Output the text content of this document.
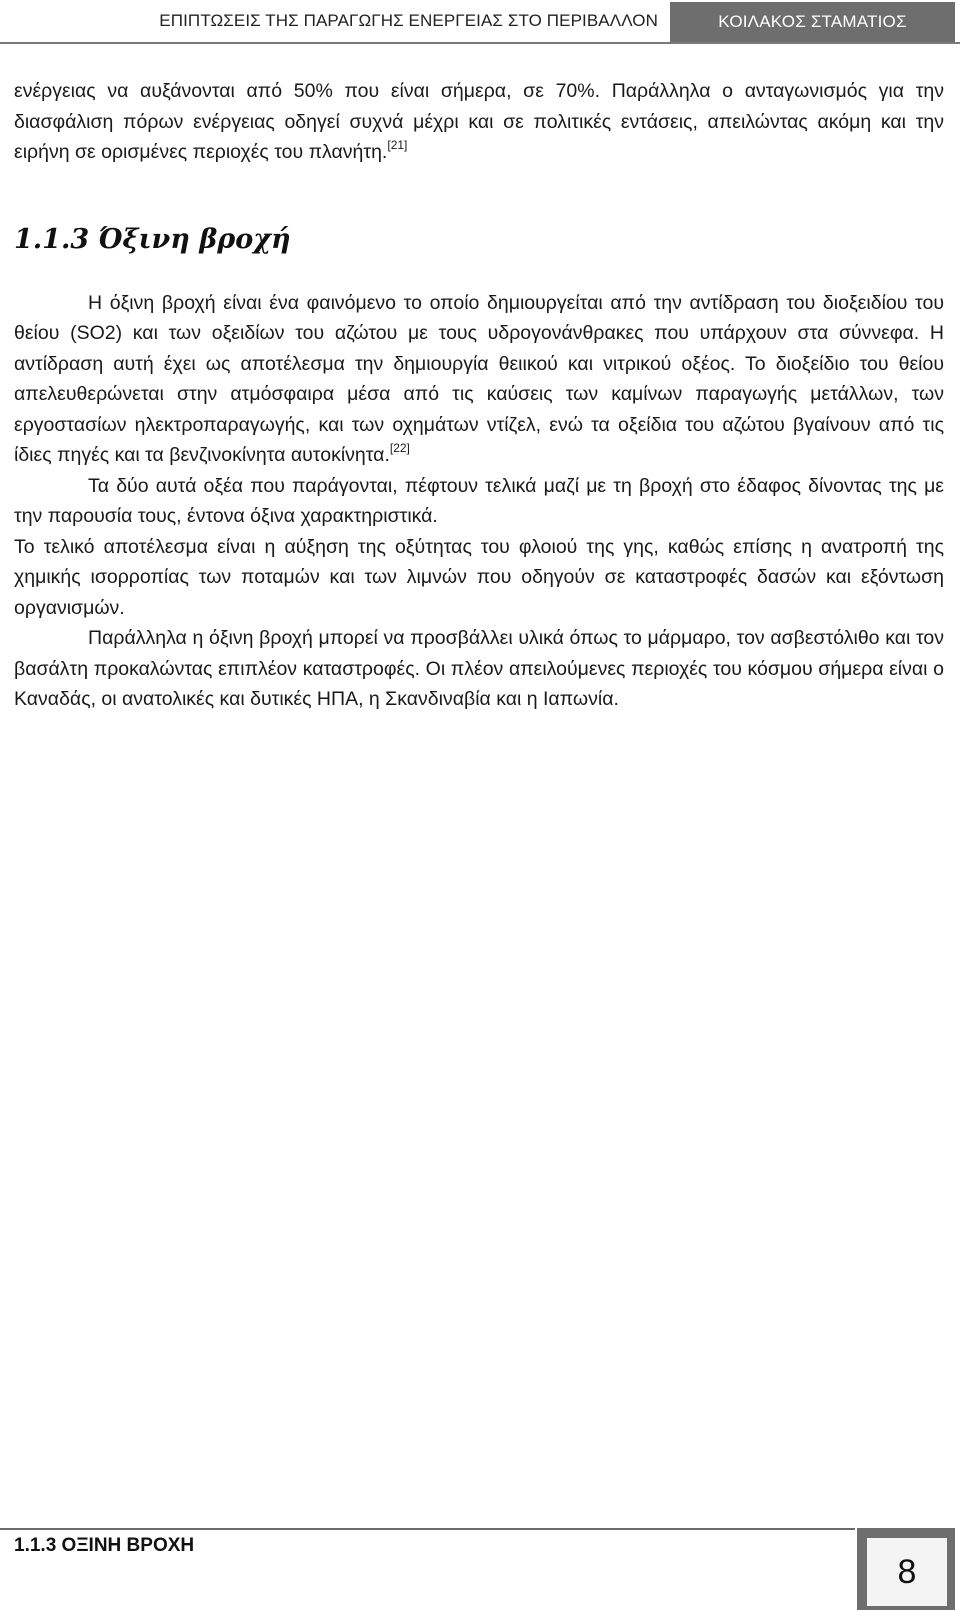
ΕΠΙΠΤΩΣΕΙΣ ΤΗΣ ΠΑΡΑΓΩΓΗΣ ΕΝΕΡΓΕΙΑΣ ΣΤΟ ΠΕΡΙΒΑΛΛΟΝ	ΚΟΙΛΑΚΟΣ ΣΤΑΜΑΤΙΟΣ

ενέργειας να αυξάνονται από 50% που είναι σήμερα, σε 70%. Παράλληλα ο ανταγωνισμός για την διασφάλιση πόρων ενέργειας οδηγεί συχνά μέχρι και σε πολιτικές εντάσεις, απειλώντας ακόμη και την ειρήνη σε ορισμένες περιοχές του πλανήτη.[21]

1.1.3 Όξινη βροχή

Η όξινη βροχή είναι ένα φαινόμενο το οποίο δημιουργείται από την αντίδραση του διοξειδίου του θείου (SO2) και των οξειδίων του αζώτου με τους υδρογονάνθρακες που υπάρχουν στα σύννεφα. Η αντίδραση αυτή έχει ως αποτέλεσμα την δημιουργία θειικού και νιτρικού οξέος. Το διοξείδιο του θείου απελευθερώνεται στην ατμόσφαιρα μέσα από τις καύσεις των καμίνων παραγωγής μετάλλων, των εργοστασίων ηλεκτροπαραγωγής, και των οχημάτων ντίζελ, ενώ τα οξείδια του αζώτου βγαίνουν από τις ίδιες πηγές και τα βενζινοκίνητα αυτοκίνητα.[22]

Τα δύο αυτά οξέα που παράγονται, πέφτουν τελικά μαζί με τη βροχή στο έδαφος δίνοντας της με την παρουσία τους, έντονα όξινα χαρακτηριστικά.

Το τελικό αποτέλεσμα είναι η αύξηση της οξύτητας του φλοιού της γης, καθώς επίσης η ανατροπή της χημικής ισορροπίας των ποταμών και των λιμνών που οδηγούν σε καταστροφές δασών και εξόντωση οργανισμών.

Παράλληλα η όξινη βροχή μπορεί να προσβάλλει υλικά όπως το μάρμαρο, τον ασβεστόλιθο και τον βασάλτη προκαλώντας επιπλέον καταστροφές. Οι πλέον απειλούμενες περιοχές του κόσμου σήμερα είναι ο Καναδάς, οι ανατολικές και δυτικές ΗΠΑ, η Σκανδιναβία και η Ιαπωνία.

1.1.3 ΟΞΙΝΗ ΒΡΟΧΗ
8
